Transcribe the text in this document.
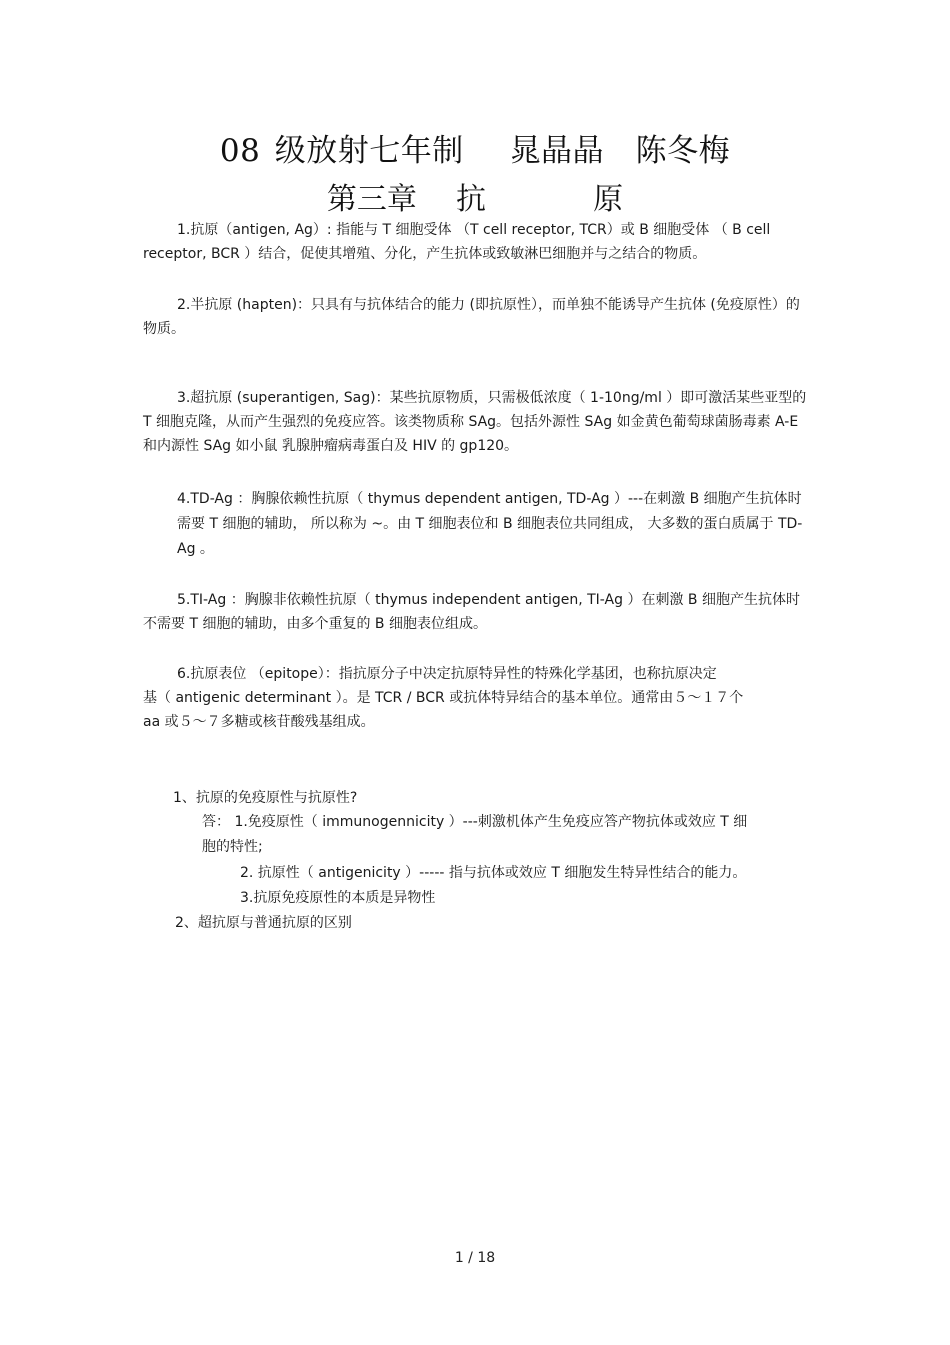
08 级放射七年制　 晁晶晶　陈冬梅
第三章 抗	原

1.抗原（antigen, Ag）: 指能与 T 细胞受体 （T cell receptor, TCR）或 B 细胞受体 （ B cell receptor, BCR ）结合，促使其增殖、分化，产生抗体或致敏淋巴细胞并与之结合的物质。

2.半抗原 (hapten)：只具有与抗体结合的能力 (即抗原性），而单独不能诱导产生抗体 (免疫原性）的物质。

3.超抗原 (superantigen, Sag)：某些抗原物质，只需极低浓度（ 1-10ng/ml ）即可激活某些亚型的 T 细胞克隆，从而产生强烈的免疫应答。该类物质称 SAg。包括外源性 SAg 如金黄色葡萄球菌肠毒素 A-E 和内源性 SAg 如小鼠 乳腺肿瘤病毒蛋白及 HIV 的 gp120。

4.TD-Ag ：胸腺依赖性抗原（ thymus dependent antigen, TD-Ag ）---在刺激 B 细胞产生抗体时需要 T 细胞的辅助， 所以称为 ~。由 T 细胞表位和 B 细胞表位共同组成， 大多数的蛋白质属于 TD-Ag 。

5.TI-Ag ：胸腺非依赖性抗原（ thymus independent antigen, TI-Ag ）在刺激 B 细胞产生抗体时不需要 T 细胞的辅助，由多个重复的 B 细胞表位组成。

6.抗原表位 （epitope）：指抗原分子中决定抗原特异性的特殊化学基团，也称抗原决定

基（ antigenic determinant ）。是 TCR / BCR 或抗体特异结合的基本单位。通常由５～１７个

aa 或５～７多糖或核苷酸残基组成。

1、抗原的免疫原性与抗原性?
答： 1.免疫原性（ immunogennicity ）---刺激机体产生免疫应答产物抗体或效应 T 细
胞的特性;
2. 抗原性（ antigenicity ）----- 指与抗体或效应 T 细胞发生特异性结合的能力。
3.抗原免疫原性的本质是异物性
2、超抗原与普通抗原的区别
1 / 18
